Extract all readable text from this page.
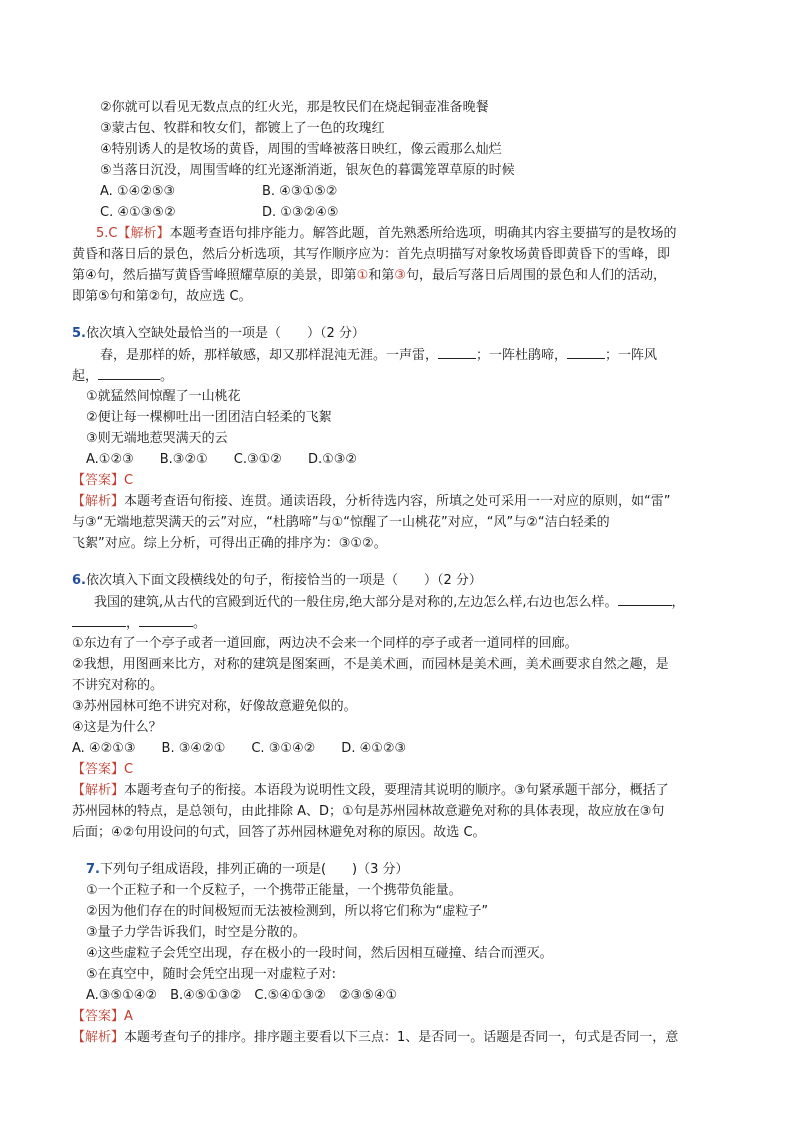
②你就可以看见无数点点的红火光，那是牧民们在烧起铜壶准备晚餐
③蒙古包、牧群和牧女们，都镀上了一色的玫瑰红
④特别诱人的是牧场的黄昏，周围的雪峰被落日映红，像云霞那么灿烂
⑤当落日沉没，周围雪峰的红光逐渐消逝，银灰色的暮霭笼罩草原的时候
A. ①④②⑤③	B. ④③①⑤②
C. ④①③⑤②	D. ①③②④⑤
5.C【解析】本题考查语句排序能力。解答此题，首先熟悉所给选项，明确其内容主要描写的是牧场的
黄昏和落日后的景色，然后分析选项，其写作顺序应为：首先点明描写对象牧场黄昏即黄昏下的雪峰，即
第④句，然后描写黄昏雪峰照耀草原的美景，即第①和第③句，最后写落日后周围的景色和人们的活动，
即第⑤句和第②句，故应选 C。
5.依次填入空缺处最恰当的一项是（　　）（2 分）
春，是那样的娇，那样敏感，却又那样混沌无涯。一声雷，	；一阵杜鹃啼，	；一阵风
起，	。
①就猛然间惊醒了一山桃花
②便让每一棵柳吐出一团团洁白轻柔的飞絮
③则无端地惹哭满天的云
A.①②③　　B.③②①　　C.③①②　　D.①③②
【答案】C
【解析】本题考查语句衔接、连贯。通读语段，分析待选内容，所填之处可采用一一对应的原则，如“雷”
与③“无端地惹哭满天的云”对应，“杜鹃啼”与①“惊醒了一山桃花”对应，“风”与②“洁白轻柔的
飞絮”对应。综上分析，可得出正确的排序为：③①②。
6.依次填入下面文段横线处的句子，衔接恰当的一项是（　　）（2 分）
我国的建筑,从古代的宫殿到近代的一般住房,绝大部分是对称的,左边怎么样,右边也怎么样。	，
，	。
①东边有了一个亭子或者一道回廊，两边决不会来一个同样的亭子或者一道同样的回廊。
②我想，用图画来比方，对称的建筑是图案画，不是美术画，而园林是美术画，美术画要求自然之趣，是
不讲究对称的。
③苏州园林可绝不讲究对称，好像故意避免似的。
④这是为什么？
A. ④②①③　　B. ③④②①　　C. ③①④②　　D. ④①②③
【答案】C
【解析】本题考查句子的衔接。本语段为说明性文段，要理清其说明的顺序。③句紧承题干部分，概括了
苏州园林的特点，是总领句，由此排除 A、D；①句是苏州园林故意避免对称的具体表现，故应放在③句
后面；④②句用设问的句式，回答了苏州园林避免对称的原因。故选 C。
7.下列句子组成语段，排列正确的一项是(　　)（3 分）
①一个正粒子和一个反粒子，一个携带正能量，一个携带负能量。
②因为他们存在的时间极短而无法被检测到，所以将它们称为“虚粒子”
③量子力学告诉我们，时空是分散的。
④这些虚粒子会凭空出现，存在极小的一段时间，然后因相互碰撞、结合而湮灭。
⑤在真空中，随时会凭空出现一对虚粒子对:
A.③⑤①④②　B.④⑤①③②　C.⑤④①③②　②③⑤④①
【答案】A
【解析】本题考查句子的排序。排序题主要看以下三点：1、是否同一。话题是否同一，句式是否同一，意
